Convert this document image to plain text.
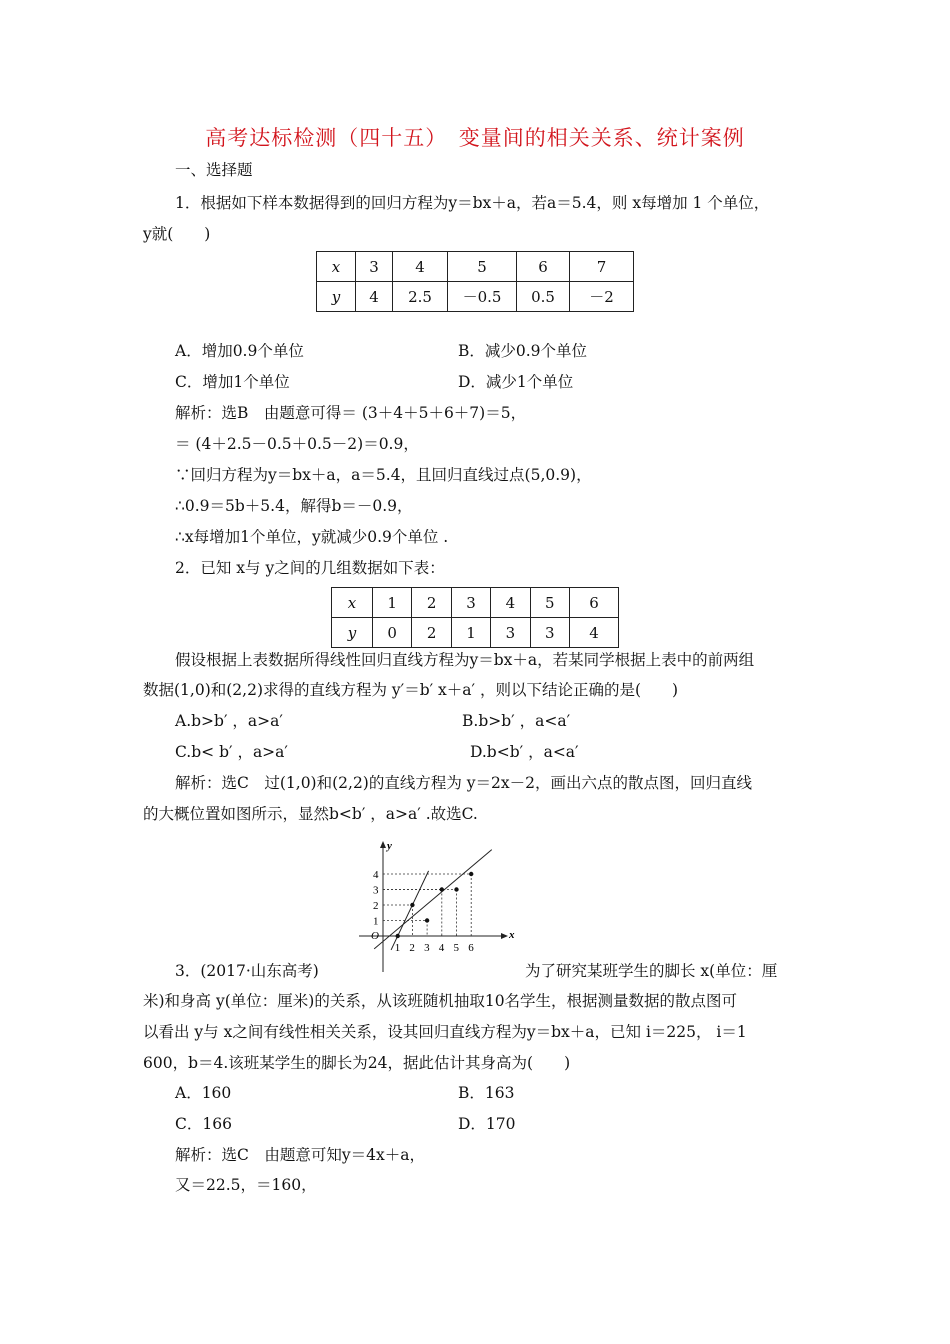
高考达标检测（四十五）　变量间的相关关系、统计案例
一、选择题
1．根据如下样本数据得到的回归方程为y＝bx＋a，若a＝5.4，则 x每增加 1 个单位，
y就(　　)
x	3	4	5	6	7
y	4	2.5	－0.5	0.5	－2
A．增加0.9个单位	B．减少0.9个单位
C．增加1个单位	D．减少1个单位
解析：选B　由题意可得＝ (3＋4＋5＋6＋7)＝5，
＝ (4＋2.5－0.5＋0.5－2)＝0.9，
∵回归方程为y＝bx＋a，a＝5.4，且回归直线过点(5,0.9)，
∴0.9＝5b＋5.4，解得b＝－0.9，
∴x每增加1个单位，y就减少0.9个单位 .
2．已知 x与 y之间的几组数据如下表：
x	1	2	3	4	5	6
y	0	2	1	3	3	4
假设根据上表数据所得线性回归直线方程为y＝bx＋a，若某同学根据上表中的前两组
数据(1,0)和(2,2)求得的直线方程为 y′＝b′ x＋a′ ，则以下结论正确的是(　　)
A.b>b′ ，a>a′	B.b>b′ ，a<a′
C.b< b′ ，a>a′	D.b<b′ ，a<a′
解析：选C　过(1,0)和(2,2)的直线方程为 y＝2x－2，画出六点的散点图，回归直线
的大概位置如图所示，显然b<b′ ，a>a′ .故选C.
x
y
O
1 2 3 4 5 6
1
2
3
4
3．(2017·山东高考)	为了研究某班学生的脚长 x(单位：厘
米)和身高 y(单位：厘米)的关系，从该班随机抽取10名学生，根据测量数据的散点图可
以看出 y与 x之间有线性相关关系，设其回归直线方程为y＝bx＋a，已知 i＝225， i＝1
600，b＝4.该班某学生的脚长为24，据此估计其身高为(　　)
A．160	B．163
C．166	D．170
解析：选C　由题意可知y＝4x＋a，
又＝22.5，＝160，
